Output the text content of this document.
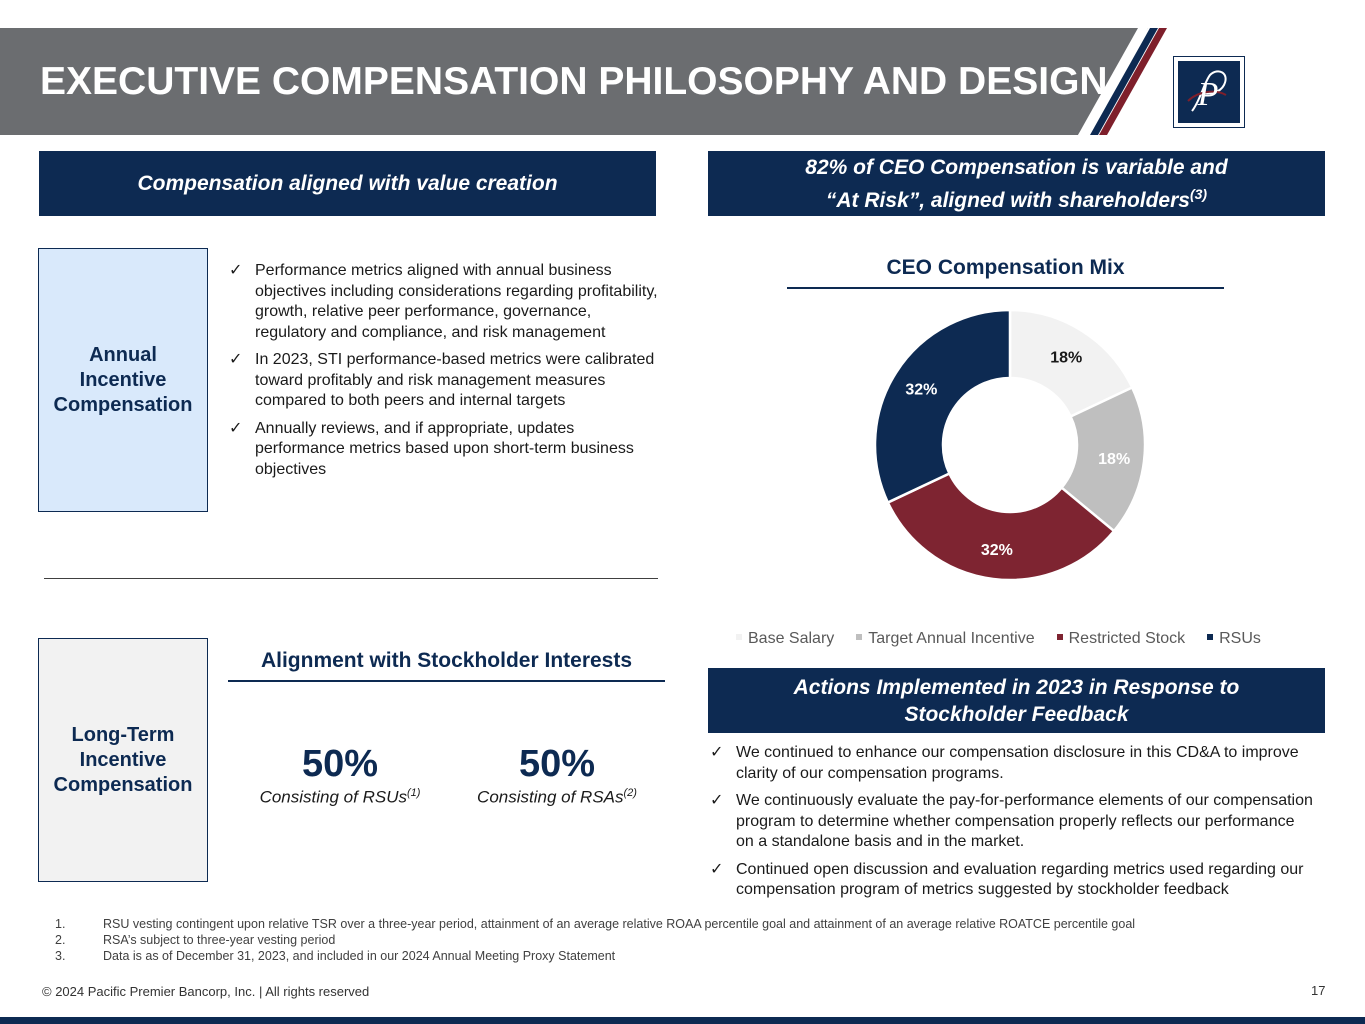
EXECUTIVE COMPENSATION PHILOSOPHY AND DESIGN	P
Compensation aligned with value creation
82% of CEO Compensation is variable and
“At Risk”, aligned with shareholders$^{(3)}$
Annual
Incentive
Compensation
✓ Performance metrics aligned with annual business objectives including considerations regarding profitability, growth, relative peer performance, governance, regulatory and compliance, and risk management
✓ In 2023, STI performance-based metrics were calibrated toward profitably and risk management measures compared to both peers and internal targets
✓ Annually reviews, and if appropriate, updates performance metrics based upon short-term business objectives
Long-Term
Incentive
Compensation
Alignment with Stockholder Interests
50%
Consisting of RSUs$^{(1)}$
50%
Consisting of RSAs$^{(2)}$
CEO Compensation Mix
18%
18%
32%
32%
Base Salary	Target Annual Incentive	Restricted Stock	RSUs
Actions Implemented in 2023 in Response to
Stockholder Feedback
✓ We continued to enhance our compensation disclosure in this CD&A to improve clarity of our compensation programs.
✓ We continuously evaluate the pay-for-performance elements of our compensation program to determine whether compensation properly reflects our performance on a standalone basis and in the market.
✓ Continued open discussion and evaluation regarding metrics used regarding our compensation program of metrics suggested by stockholder feedback
1.	RSU vesting contingent upon relative TSR over a three-year period, attainment of an average relative ROAA percentile goal and attainment of an average relative ROATCE percentile goal
2.	RSA’s subject to three-year vesting period
3.	Data is as of December 31, 2023, and included in our 2024 Annual Meeting Proxy Statement
© 2024 Pacific Premier Bancorp, Inc. | All rights reserved	17
